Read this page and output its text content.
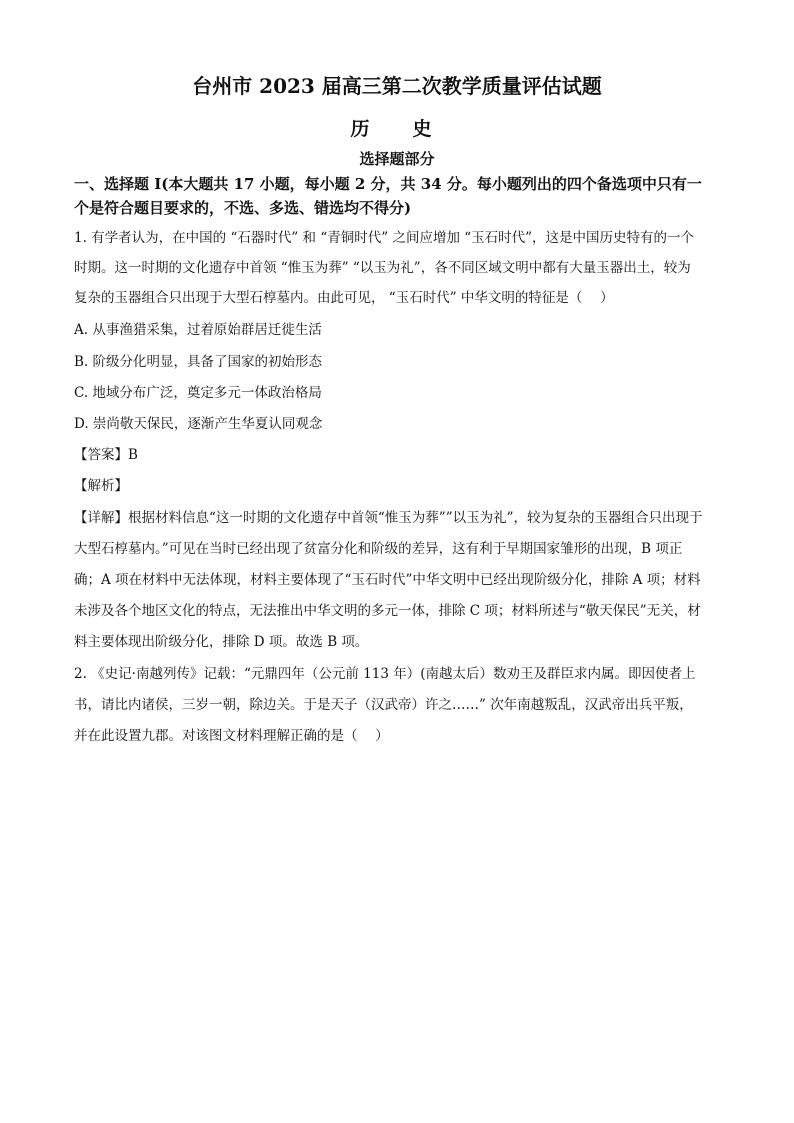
台州市 2023 届高三第二次教学质量评估试题
历　史
选择题部分
一、选择题 I(本大题共 17 小题，每小题 2 分，共 34 分。每小题列出的四个备选项中只有一
个是符合题目要求的，不选、多选、错选均不得分)
1. 有学者认为，在中国的 “石器时代” 和 “青铜时代” 之间应增加 “玉石时代”，这是中国历史特有的一个
时期。这一时期的文化遗存中首领 “惟玉为葬” “以玉为礼”，各不同区域文明中都有大量玉器出土，较为
复杂的玉器组合只出现于大型石椁墓内。由此可见， “玉石时代” 中华文明的特征是（　 ）
A. 从事渔猎采集，过着原始群居迁徙生活
B. 阶级分化明显，具备了国家的初始形态
C. 地域分布广泛，奠定多元一体政治格局
D. 崇尚敬天保民，逐渐产生华夏认同观念
【答案】B
【解析】
【详解】根据材料信息“这一时期的文化遗存中首领“惟玉为葬””以玉为礼”，较为复杂的玉器组合只出现于
大型石椁墓内。”可见在当时已经出现了贫富分化和阶级的差异，这有利于早期国家雏形的出现，B 项正
确；A 项在材料中无法体现，材料主要体现了“玉石时代”中华文明中已经出现阶级分化，排除 A 项；材料
未涉及各个地区文化的特点，无法推出中华文明的多元一体，排除 C 项；材料所述与“敬天保民”无关，材
料主要体现出阶级分化，排除 D 项。故选 B 项。
2. 《史记·南越列传》记载：“元鼎四年（公元前 113 年）(南越太后）数劝王及群臣求内属。即因使者上
书，请比内诸侯，三岁一朝，除边关。于是天子（汉武帝）许之……” 次年南越叛乱，汉武帝出兵平叛，
并在此设置九郡。对该图文材料理解正确的是（　 ）
